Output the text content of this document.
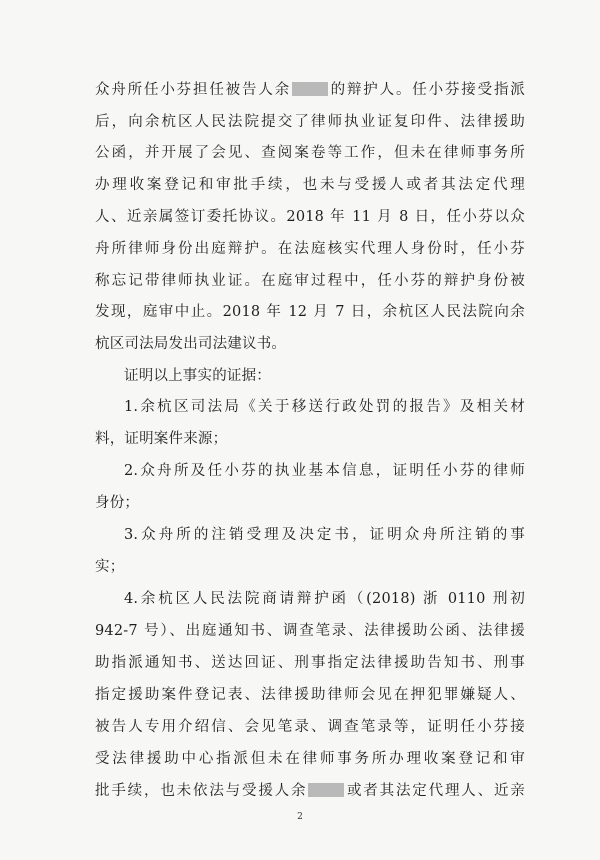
众舟所任小芬担任被告人余	的辩护人。任小芬接受指派
后，向余杭区人民法院提交了律师执业证复印件、法律援助
公函，并开展了会见、查阅案卷等工作，但未在律师事务所
办理收案登记和审批手续，也未与受援人或者其法定代理
人、近亲属签订委托协议。2018 年 11 月 8 日，任小芬以众
舟所律师身份出庭辩护。在法庭核实代理人身份时，任小芬
称忘记带律师执业证。在庭审过程中，任小芬的辩护身份被
发现，庭审中止。2018 年 12 月 7 日，余杭区人民法院向余
杭区司法局发出司法建议书。
证明以上事实的证据：
1.余杭区司法局《关于移送行政处罚的报告》及相关材
料，证明案件来源；
2.众舟所及任小芬的执业基本信息，证明任小芬的律师
身份；
3.众舟所的注销受理及决定书，证明众舟所注销的事
实；
4.余杭区人民法院商请辩护函（(2018) 浙 0110 刑初
942-7 号）、出庭通知书、调查笔录、法律援助公函、法律援
助指派通知书、送达回证、刑事指定法律援助告知书、刑事
指定援助案件登记表、法律援助律师会见在押犯罪嫌疑人、
被告人专用介绍信、会见笔录、调查笔录等，证明任小芬接
受法律援助中心指派但未在律师事务所办理收案登记和审
批手续，也未依法与受援人余	或者其法定代理人、近亲
2
